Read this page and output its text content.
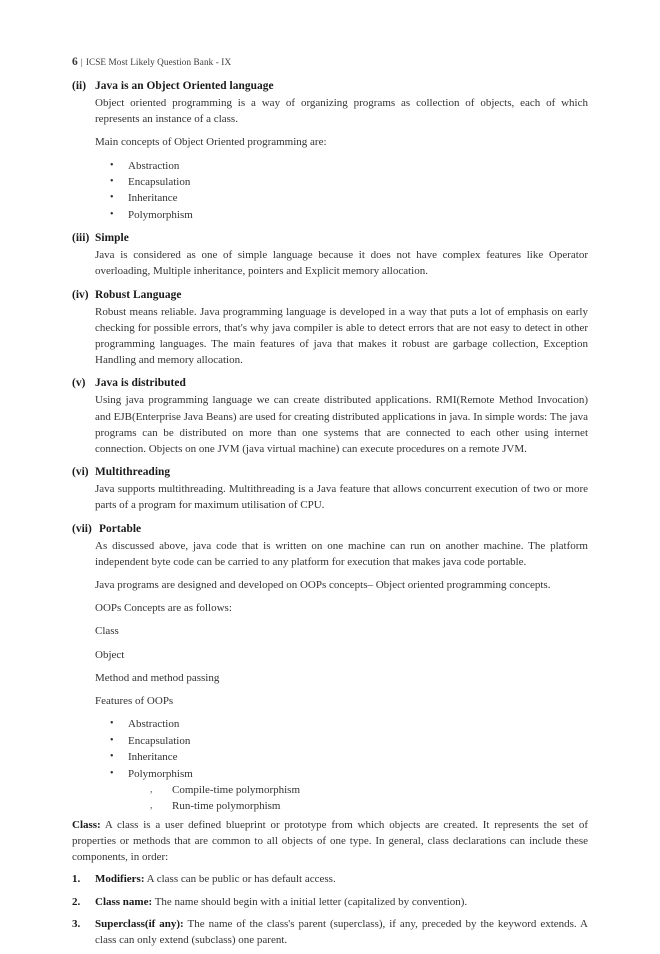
6 | ICSE Most Likely Question Bank - IX
(ii) Java is an Object Oriented language

Object oriented programming is a way of organizing programs as collection of objects, each of which represents an instance of a class.

Main concepts of Object Oriented programming are:

• Abstraction
• Encapsulation
• Inheritance
• Polymorphism
(iii) Simple

Java is considered as one of simple language because it does not have complex features like Operator overloading, Multiple inheritance, pointers and Explicit memory allocation.

(iv) Robust Language

Robust means reliable. Java programming language is developed in a way that puts a lot of emphasis on early checking for possible errors, that's why java compiler is able to detect errors that are not easy to detect in other programming languages. The main features of java that makes it robust are garbage collection, Exception Handling and memory allocation.

(v) Java is distributed

Using java programming language we can create distributed applications. RMI(Remote Method Invocation) and EJB(Enterprise Java Beans) are used for creating distributed applications in java. In simple words: The java programs can be distributed on more than one systems that are connected to each other using internet connection. Objects on one JVM (java virtual machine) can execute procedures on a remote JVM.

(vi) Multithreading

Java supports multithreading. Multithreading is a Java feature that allows concurrent execution of two or more parts of a program for maximum utilisation of CPU.

(vii) Portable

As discussed above, java code that is written on one machine can run on another machine. The platform independent byte code can be carried to any platform for execution that makes java code portable.

Java programs are designed and developed on OOPs concepts– Object oriented programming concepts.

OOPs Concepts are as follows:

Class

Object

Method and method passing

Features of OOPs

• Abstraction
• Encapsulation
• Inheritance
• Polymorphism
, Compile-time polymorphism
, Run-time polymorphism

Class: A class is a user defined blueprint or prototype from which objects are created. It represents the set of properties or methods that are common to all objects of one type. In general, class declarations can include these components, in order:

1. Modifiers: A class can be public or has default access.
2. Class name: The name should begin with a initial letter (capitalized by convention).
3. Superclass(if any): The name of the class's parent (superclass), if any, preceded by the keyword extends. A class can only extend (subclass) one parent.
